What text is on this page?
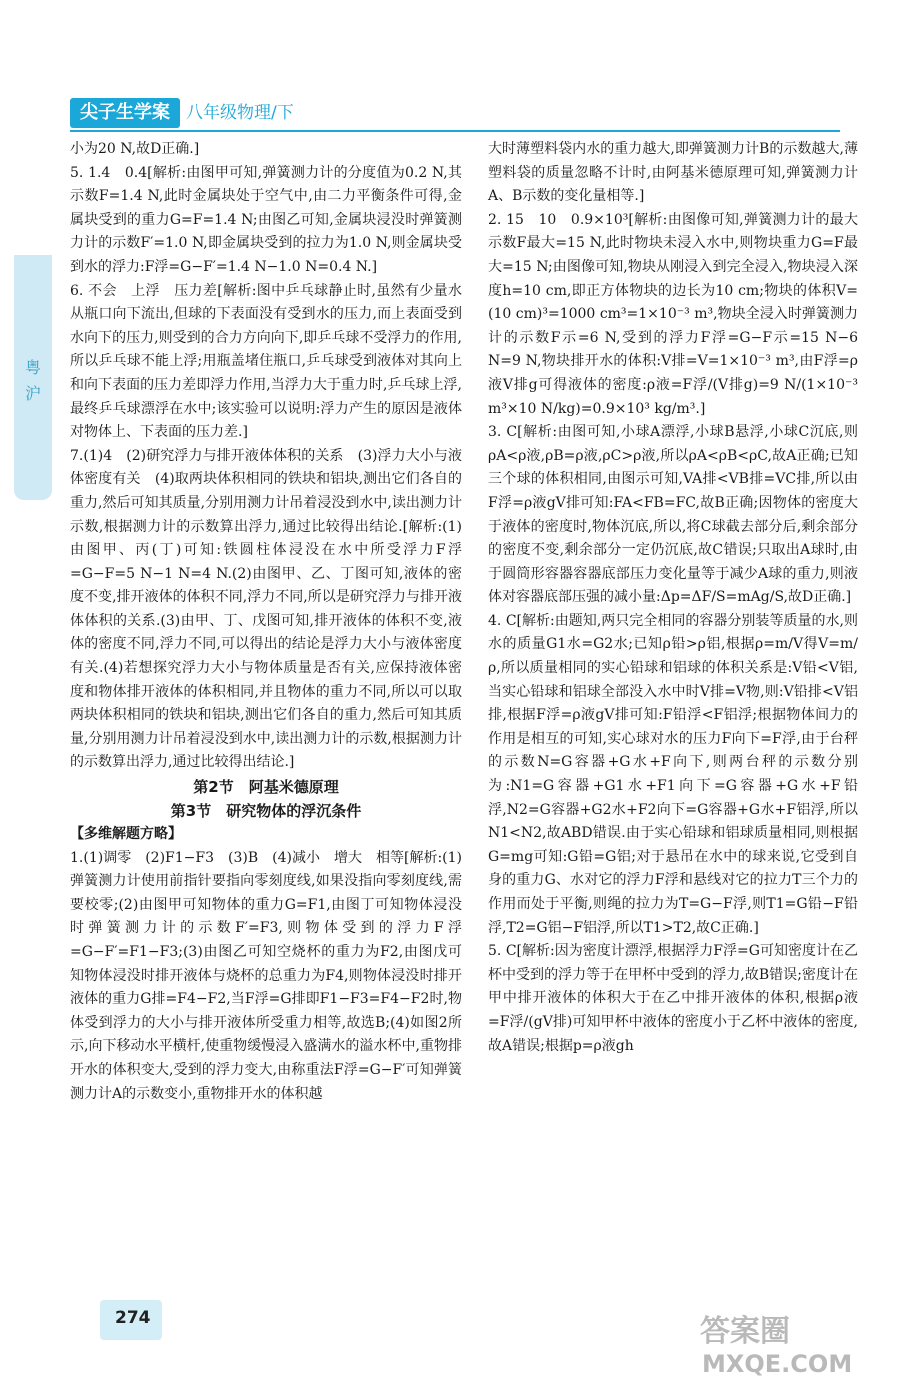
粤沪
尖子生学案 八年级物理/下

小为20 N,故D正确.]

5. 1.4　0.4[解析:由图甲可知,弹簧测力计的分度值为0.2 N,其示数F=1.4 N,此时金属块处于空气中,由二力平衡条件可得,金属块受到的重力G=F=1.4 N;由图乙可知,金属块浸没时弹簧测力计的示数F′=1.0 N,即金属块受到的拉力为1.0 N,则金属块受到水的浮力:F浮=G−F′=1.4 N−1.0 N=0.4 N.]

6. 不会　上浮　压力差[解析:图中乒乓球静止时,虽然有少量水从瓶口向下流出,但球的下表面没有受到水的压力,而上表面受到水向下的压力,则受到的合力方向向下,即乒乓球不受浮力的作用,所以乒乓球不能上浮;用瓶盖堵住瓶口,乒乓球受到液体对其向上和向下表面的压力差即浮力作用,当浮力大于重力时,乒乓球上浮,最终乒乓球漂浮在水中;该实验可以说明:浮力产生的原因是液体对物体上、下表面的压力差.]

7.(1)4　(2)研究浮力与排开液体体积的关系　(3)浮力大小与液体密度有关　(4)取两块体积相同的铁块和铝块,测出它们各自的重力,然后可知其质量,分别用测力计吊着浸没到水中,读出测力计示数,根据测力计的示数算出浮力,通过比较得出结论.[解析:(1)由图甲、丙(丁)可知:铁圆柱体浸没在水中所受浮力F浮=G−F=5 N−1 N=4 N.(2)由图甲、乙、丁图可知,液体的密度不变,排开液体的体积不同,浮力不同,所以是研究浮力与排开液体体积的关系.(3)由甲、丁、戊图可知,排开液体的体积不变,液体的密度不同,浮力不同,可以得出的结论是浮力大小与液体密度有关.(4)若想探究浮力大小与物体质量是否有关,应保持液体密度和物体排开液体的体积相同,并且物体的重力不同,所以可以取两块体积相同的铁块和铝块,测出它们各自的重力,然后可知其质量,分别用测力计吊着浸没到水中,读出测力计的示数,根据测力计的示数算出浮力,通过比较得出结论.]

第2节　阿基米德原理
第3节　研究物体的浮沉条件
【多维解题方略】

1.(1)调零　(2)F1−F3　(3)B　(4)减小　增大　相等[解析:(1)弹簧测力计使用前指针要指向零刻度线,如果没指向零刻度线,需要校零;(2)由图甲可知物体的重力G=F1,由图丁可知物体浸没时弹簧测力计的示数F′=F3,则物体受到的浮力F浮=G−F′=F1−F3;(3)由图乙可知空烧杯的重力为F2,由图戊可知物体浸没时排开液体与烧杯的总重力为F4,则物体浸没时排开液体的重力G排=F4−F2,当F浮=G排即F1−F3=F4−F2时,物体受到浮力的大小与排开液体所受重力相等,故选B;(4)如图2所示,向下移动水平横杆,使重物缓慢浸入盛满水的溢水杯中,重物排开水的体积变大,受到的浮力变大,由称重法F浮=G−F′可知弹簧测力计A的示数变小,重物排开水的体积越

大时薄塑料袋内水的重力越大,即弹簧测力计B的示数越大,薄塑料袋的质量忽略不计时,由阿基米德原理可知,弹簧测力计A、B示数的变化量相等.]

2. 15　10　0.9×10³[解析:由图像可知,弹簧测力计的最大示数F最大=15 N,此时物块未浸入水中,则物块重力G=F最大=15 N;由图像可知,物块从刚浸入到完全浸入,物块浸入深度h=10 cm,即正方体物块的边长为10 cm;物块的体积V=(10 cm)³=1000 cm³=1×10⁻³ m³,物块全浸入时弹簧测力计的示数F示=6 N,受到的浮力F浮=G−F示=15 N−6 N=9 N,物块排开水的体积:V排=V=1×10⁻³ m³,由F浮=ρ液V排g可得液体的密度:ρ液=F浮/(V排g)=9 N/(1×10⁻³ m³×10 N/kg)=0.9×10³ kg/m³.]

3. C[解析:由图可知,小球A漂浮,小球B悬浮,小球C沉底,则ρA<ρ液,ρB=ρ液,ρC>ρ液,所以ρA<ρB<ρC,故A正确;已知三个球的体积相同,由图示可知,VA排<VB排=VC排,所以由F浮=ρ液gV排可知:FA<FB=FC,故B正确;因物体的密度大于液体的密度时,物体沉底,所以,将C球截去部分后,剩余部分的密度不变,剩余部分一定仍沉底,故C错误;只取出A球时,由于圆筒形容器容器底部压力变化量等于减少A球的重力,则液体对容器底部压强的减小量:Δp=ΔF/S=mAg/S,故D正确.]

4. C[解析:由题知,两只完全相同的容器分别装等质量的水,则水的质量G1水=G2水;已知ρ铅>ρ铝,根据ρ=m/V得V=m/ρ,所以质量相同的实心铅球和铝球的体积关系是:V铅<V铝,当实心铅球和铝球全部没入水中时V排=V物,则:V铅排<V铝排,根据F浮=ρ液gV排可知:F铅浮<F铝浮;根据物体间力的作用是相互的可知,实心球对水的压力F向下=F浮,由于台秤的示数N=G容器+G水+F向下,则两台秤的示数分别为:N1=G容器+G1水+F1向下=G容器+G水+F铅浮,N2=G容器+G2水+F2向下=G容器+G水+F铝浮,所以N1<N2,故ABD错误.由于实心铅球和铝球质量相同,则根据G=mg可知:G铅=G铝;对于悬吊在水中的球来说,它受到自身的重力G、水对它的浮力F浮和悬线对它的拉力T三个力的作用而处于平衡,则绳的拉力为T=G−F浮,则T1=G铅−F铅浮,T2=G铝−F铝浮,所以T1>T2,故C正确.]

5. C[解析:因为密度计漂浮,根据浮力F浮=G可知密度计在乙杯中受到的浮力等于在甲杯中受到的浮力,故B错误;密度计在甲中排开液体的体积大于在乙中排开液体的体积,根据ρ液=F浮/(gV排)可知甲杯中液体的密度小于乙杯中液体的密度,故A错误;根据p=ρ液gh

274	答案圈
MXQE.COM
